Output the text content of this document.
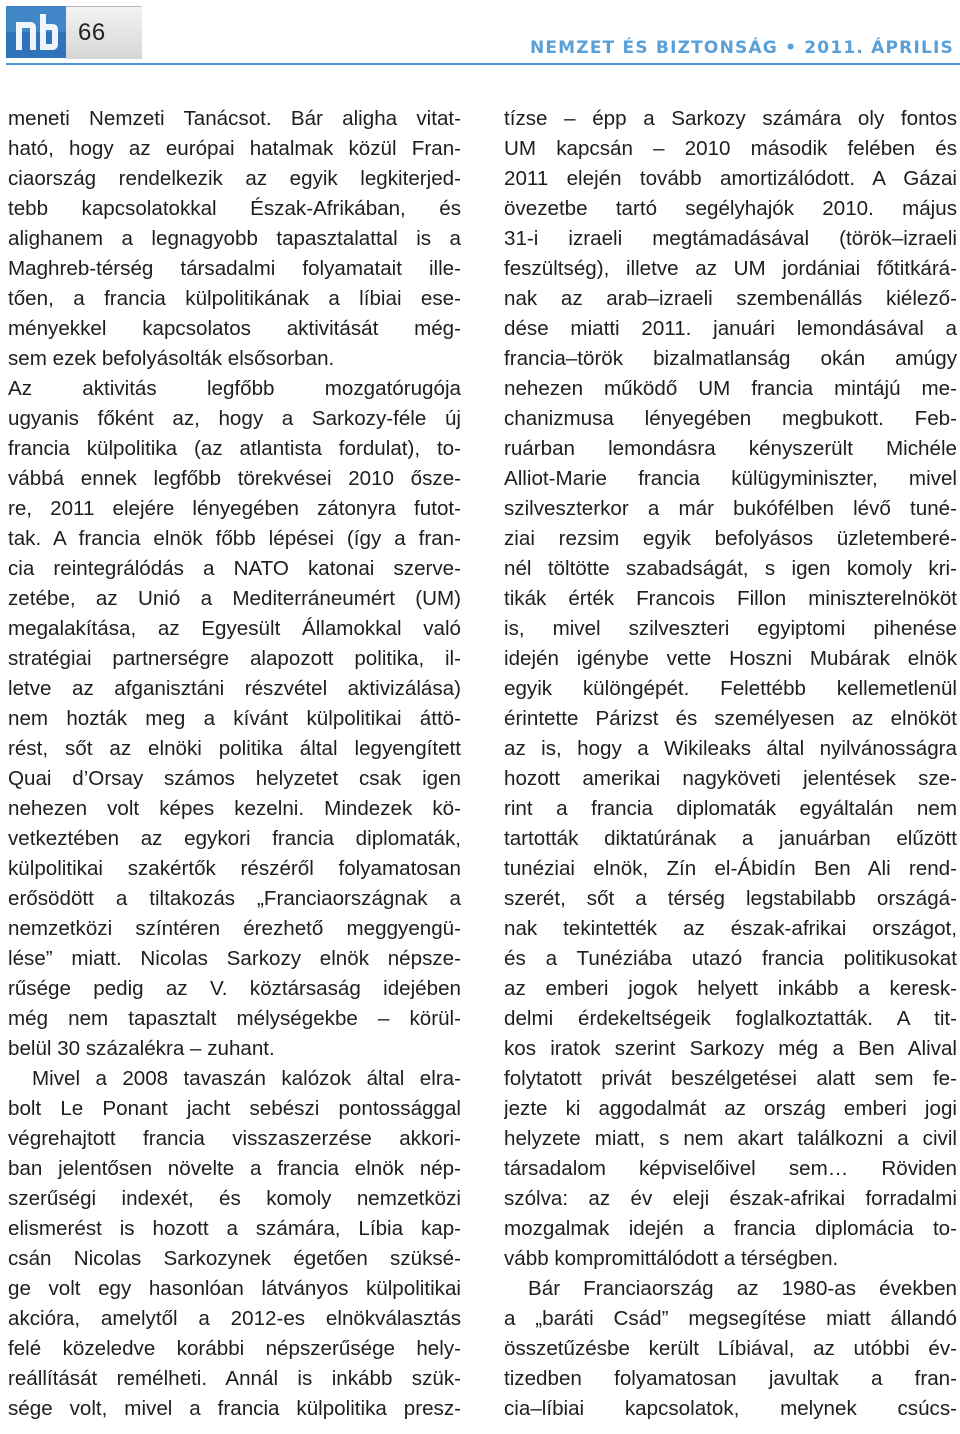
66
NEMZET ÉS BIZTONSÁG • 2011. ÁPRILIS
meneti Nemzeti Tanácsot. Bár aligha vitat-
ható, hogy az európai hatalmak közül Fran-
ciaország rendelkezik az egyik legkiterjed-
tebb kapcsolatokkal Észak-Afrikában, és
alighanem a legnagyobb tapasztalattal is a
Maghreb-térség társadalmi folyamatait ille-
tően, a francia külpolitikának a líbiai ese-
ményekkel kapcsolatos aktivitását még-
sem ezek befolyásolták elsősorban.
Az aktivitás legfőbb mozgatórugója
ugyanis főként az, hogy a Sarkozy-féle új
francia külpolitika (az atlantista fordulat), to-
vábbá ennek legfőbb törekvései 2010 ősze-
re, 2011 elejére lényegében zátonyra futot-
tak. A francia elnök főbb lépései (így a fran-
cia reintegrálódás a NATO katonai szerve-
zetébe, az Unió a Mediterráneumért (UM)
megalakítása, az Egyesült Államokkal való
stratégiai partnerségre alapozott politika, il-
letve az afganisztáni részvétel aktivizálása)
nem hozták meg a kívánt külpolitikai áttö-
rést, sőt az elnöki politika által legyengített
Quai d’Orsay számos helyzetet csak igen
nehezen volt képes kezelni. Mindezek kö-
vetkeztében az egykori francia diplomaták,
külpolitikai szakértők részéről folyamatosan
erősödött a tiltakozás „Franciaországnak a
nemzetközi színtéren érezhető meggyengü-
lése” miatt. Nicolas Sarkozy elnök népsze-
rűsége pedig az V. köztársaság idejében
még nem tapasztalt mélységekbe – körül-
belül 30 százalékra – zuhant.
Mivel a 2008 tavaszán kalózok által elra-
bolt Le Ponant jacht sebészi pontossággal
végrehajtott francia visszaszerzése akkori-
ban jelentősen növelte a francia elnök nép-
szerűségi indexét, és komoly nemzetközi
elismerést is hozott a számára, Líbia kap-
csán Nicolas Sarkozynek égetően szüksé-
ge volt egy hasonlóan látványos külpolitikai
akcióra, amelytől a 2012-es elnökválasztás
felé közeledve korábbi népszerűsége hely-
reállítását remélheti. Annál is inkább szük-
sége volt, mivel a francia külpolitika presz-
tízse – épp a Sarkozy számára oly fontos
UM kapcsán – 2010 második felében és
2011 elején tovább amortizálódott. A Gázai
övezetbe tartó segélyhajók 2010. május
31-i izraeli megtámadásával (török–izraeli
feszültség), illetve az UM jordániai főtitkárá-
nak az arab–izraeli szembenállás kiélező-
dése miatti 2011. januári lemondásával a
francia–török bizalmatlanság okán amúgy
nehezen működő UM francia mintájú me-
chanizmusa lényegében megbukott. Feb-
ruárban lemondásra kényszerült Michéle
Alliot-Marie francia külügyminiszter, mivel
szilveszterkor a már bukófélben lévő tuné-
ziai rezsim egyik befolyásos üzletemberé-
nél töltötte szabadságát, s igen komoly kri-
tikák érték Francois Fillon miniszterelnököt
is, mivel szilveszteri egyiptomi pihenése
idején igénybe vette Hoszni Mubárak elnök
egyik különgépét. Felettébb kellemetlenül
érintette Párizst és személyesen az elnököt
az is, hogy a Wikileaks által nyilvánosságra
hozott amerikai nagyköveti jelentések sze-
rint a francia diplomaták egyáltalán nem
tartották diktatúrának a januárban elűzött
tunéziai elnök, Zín el-Ábidín Ben Ali rend-
szerét, sőt a térség legstabilabb országá-
nak tekintették az észak-afrikai országot,
és a Tunéziába utazó francia politikusokat
az emberi jogok helyett inkább a keresk-
delmi érdekeltségeik foglalkoztatták. A tit-
kos iratok szerint Sarkozy még a Ben Alival
folytatott privát beszélgetései alatt sem fe-
jezte ki aggodalmát az ország emberi jogi
helyzete miatt, s nem akart találkozni a civil
társadalom képviselőivel sem… Röviden
szólva: az év eleji észak-afrikai forradalmi
mozgalmak idején a francia diplomácia to-
vább kompromittálódott a térségben.
Bár Franciaország az 1980-as években
a „baráti Csád” megsegítése miatt állandó
összetűzésbe került Líbiával, az utóbbi év-
tizedben folyamatosan javultak a fran-
cia–líbiai kapcsolatok, melynek csúcs-
